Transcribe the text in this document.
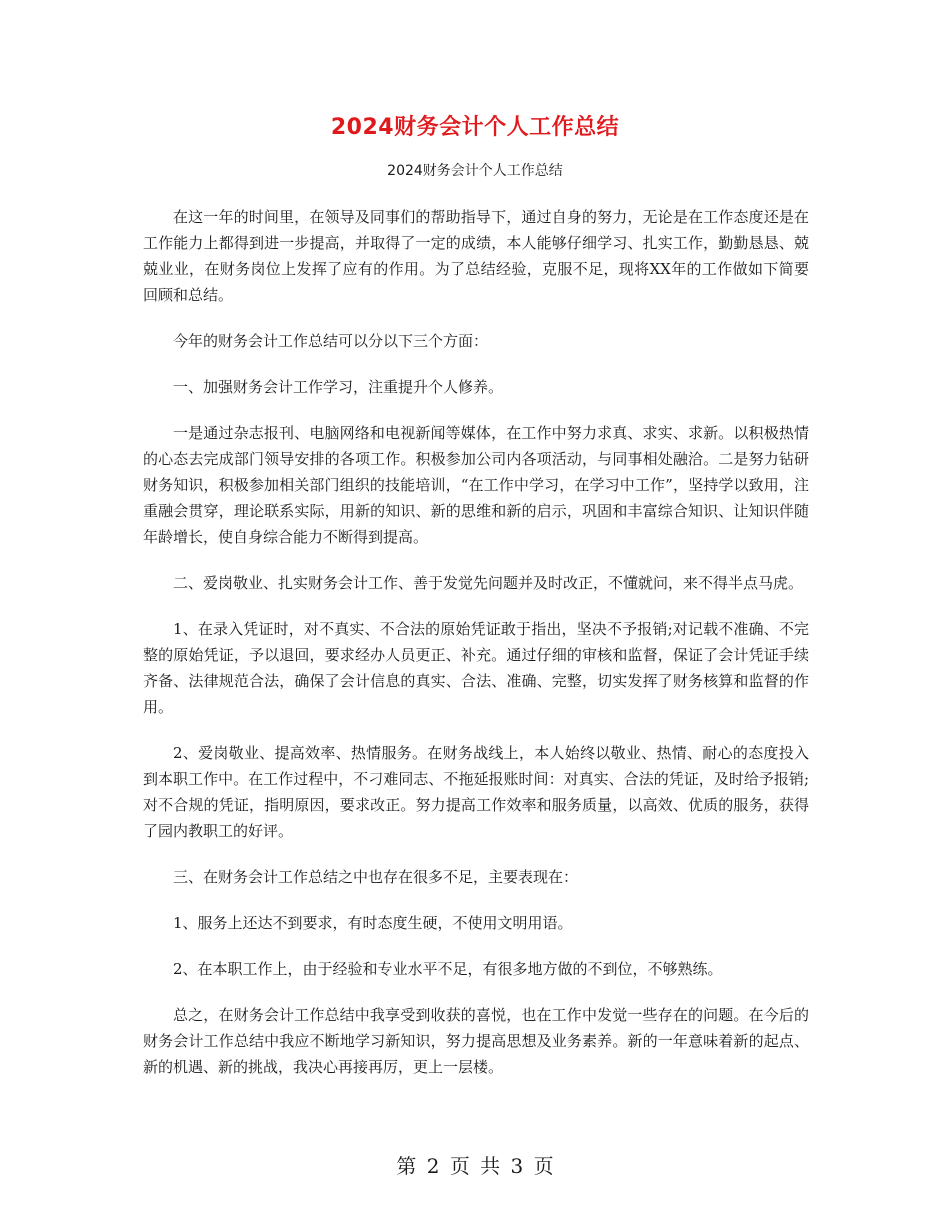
2024财务会计个人工作总结
2024财务会计个人工作总结

在这一年的时间里，在领导及同事们的帮助指导下，通过自身的努力，无论是在工作态度还是在工作能力上都得到进一步提高，并取得了一定的成绩，本人能够仔细学习、扎实工作，勤勤恳恳、兢兢业业，在财务岗位上发挥了应有的作用。为了总结经验，克服不足，现将XX年的工作做如下简要回顾和总结。

今年的财务会计工作总结可以分以下三个方面：

一、加强财务会计工作学习，注重提升个人修养。

一是通过杂志报刊、电脑网络和电视新闻等媒体，在工作中努力求真、求实、求新。以积极热情的心态去完成部门领导安排的各项工作。积极参加公司内各项活动，与同事相处融洽。二是努力钻研财务知识，积极参加相关部门组织的技能培训，“在工作中学习，在学习中工作”，坚持学以致用，注重融会贯穿，理论联系实际，用新的知识、新的思维和新的启示，巩固和丰富综合知识、让知识伴随年龄增长，使自身综合能力不断得到提高。

二、爱岗敬业、扎实财务会计工作、善于发觉先问题并及时改正，不懂就问，来不得半点马虎。

1、在录入凭证时，对不真实、不合法的原始凭证敢于指出，坚决不予报销;对记载不准确、不完整的原始凭证，予以退回，要求经办人员更正、补充。通过仔细的审核和监督，保证了会计凭证手续齐备、法律规范合法，确保了会计信息的真实、合法、准确、完整，切实发挥了财务核算和监督的作用。

2、爱岗敬业、提高效率、热情服务。在财务战线上，本人始终以敬业、热情、耐心的态度投入到本职工作中。在工作过程中，不刁难同志、不拖延报账时间：对真实、合法的凭证，及时给予报销;对不合规的凭证，指明原因，要求改正。努力提高工作效率和服务质量，以高效、优质的服务，获得了园内教职工的好评。

三、在财务会计工作总结之中也存在很多不足，主要表现在：

1、服务上还达不到要求，有时态度生硬，不使用文明用语。

2、在本职工作上，由于经验和专业水平不足，有很多地方做的不到位，不够熟练。

总之，在财务会计工作总结中我享受到收获的喜悦，也在工作中发觉一些存在的问题。在今后的财务会计工作总结中我应不断地学习新知识，努力提高思想及业务素养。新的一年意味着新的起点、新的机遇、新的挑战，我决心再接再厉，更上一层楼。

第 2 页 共 3 页
